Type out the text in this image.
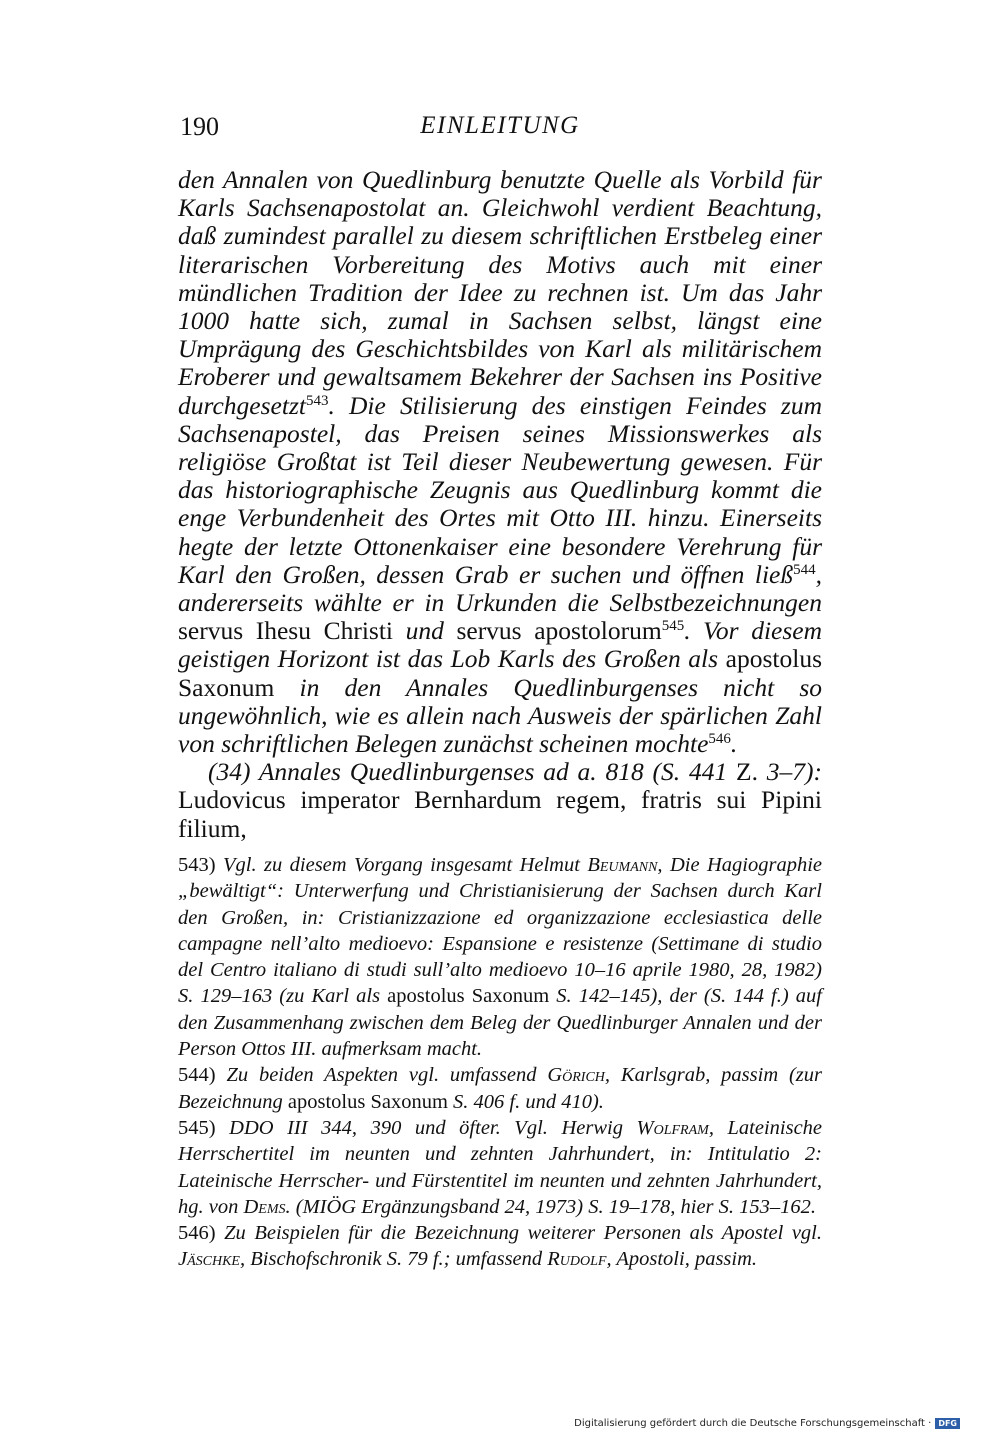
190	EINLEITUNG

den Annalen von Quedlinburg benutzte Quelle als Vorbild für Karls Sachsenapostolat an. Gleichwohl verdient Beachtung, daß zumindest parallel zu diesem schriftlichen Erstbeleg einer literarischen Vorbereitung des Motivs auch mit einer mündlichen Tradition der Idee zu rechnen ist. Um das Jahr 1000 hatte sich, zumal in Sachsen selbst, längst eine Umprägung des Geschichtsbildes von Karl als militärischem Eroberer und gewaltsamem Bekehrer der Sachsen ins Positive durchgesetzt$^{543}$. Die Stilisierung des einstigen Feindes zum Sachsenapostel, das Preisen seines Missionswerkes als religiöse Großtat ist Teil dieser Neubewertung gewesen. Für das historiographische Zeugnis aus Quedlinburg kommt die enge Verbundenheit des Ortes mit Otto III. hinzu. Einerseits hegte der letzte Ottonenkaiser eine besondere Verehrung für Karl den Großen, dessen Grab er suchen und öffnen ließ$^{544}$, andererseits wählte er in Urkunden die Selbstbezeichnungen servus Ihesu Christi und servus apostolorum$^{545}$. Vor diesem geistigen Horizont ist das Lob Karls des Großen als apostolus Saxonum in den Annales Quedlinburgenses nicht so ungewöhnlich, wie es allein nach Ausweis der spärlichen Zahl von schriftlichen Belegen zunächst scheinen mochte$^{546}$.

(34) Annales Quedlinburgenses ad a. 818 (S. 441 Z. 3–7): Ludovicus imperator Bernhardum regem, fratris sui Pipini filium,

543) Vgl. zu diesem Vorgang insgesamt Helmut Beumann, Die Hagiographie „bewältigt“: Unterwerfung und Christianisierung der Sachsen durch Karl den Großen, in: Cristianizzazione ed organizzazione ecclesiastica delle campagne nell’alto medioevo: Espansione e resistenze (Settimane di studio del Centro italiano di studi sull’alto medioevo 10–16 aprile 1980, 28, 1982) S. 129–163 (zu Karl als apostolus Saxonum S. 142–145), der (S. 144 f.) auf den Zusammenhang zwischen dem Beleg der Quedlinburger Annalen und der Person Ottos III. aufmerksam macht.

544) Zu beiden Aspekten vgl. umfassend Görich, Karlsgrab, passim (zur Bezeichnung apostolus Saxonum S. 406 f. und 410).

545) DDO III 344, 390 und öfter. Vgl. Herwig Wolfram, Lateinische Herrschertitel im neunten und zehnten Jahrhundert, in: Intitulatio 2: Lateinische Herrscher- und Fürstentitel im neunten und zehnten Jahrhundert, hg. von Dems. (MIÖG Ergänzungsband 24, 1973) S. 19–178, hier S. 153–162.

546) Zu Beispielen für die Bezeichnung weiterer Personen als Apostel vgl. Jäschke, Bischofschronik S. 79 f.; umfassend Rudolf, Apostoli, passim.

Digitalisierung gefördert durch die Deutsche Forschungsgemeinschaft · DFG
